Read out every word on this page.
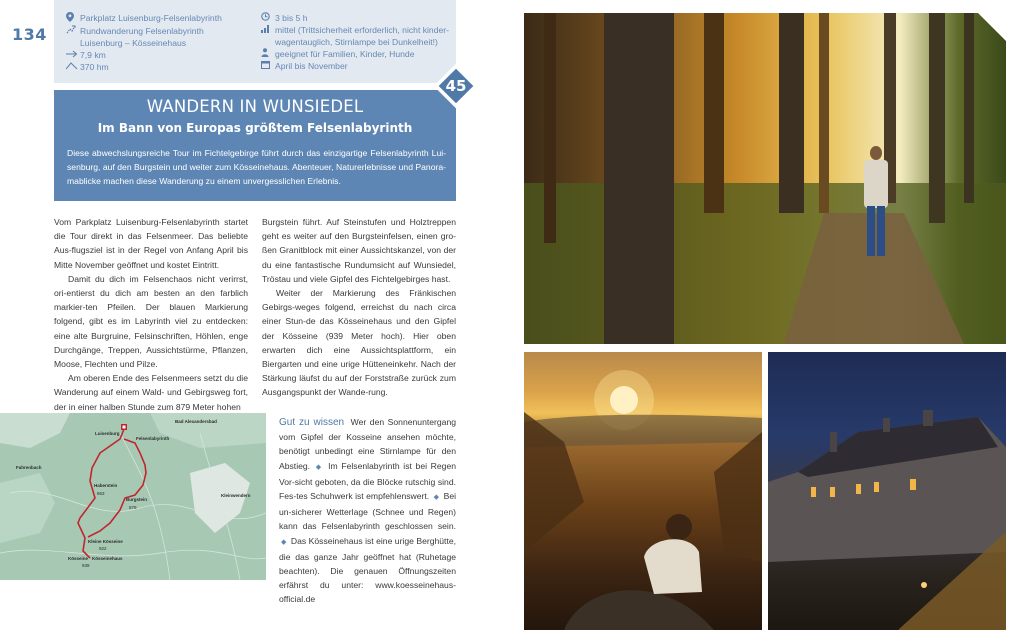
134
Parkplatz Luisenburg-Felsenlabyrinth
Rundwanderung Felsenlabyrinth Luisenburg – Kösseinehaus
7,9 km
370 hm
3 bis 5 h
mittel (Trittsicherheit erforderlich, nicht kinder-wagentauglich, Stirnlampe bei Dunkelheit!)
geeignet für Familien, Kinder, Hunde
April bis November
WANDERN IN WUNSIEDEL
Im Bann von Europas größtem Felsenlabyrinth
Diese abwechslungsreiche Tour im Fichtelgebirge führt durch das einzigartige Felsenlabyrinth Lui-senburg, auf den Burgstein und weiter zum Kösseinehaus. Abenteuer, Naturerlebnisse und Panora-mablicke machen diese Wanderung zu einem unvergesslichen Erlebnis.
45

Vom Parkplatz Luisenburg-Felsenlabyrinth startet die Tour direkt in das Felsenmeer. Das beliebte Aus-flugsziel ist in der Regel von Anfang April bis Mitte November geöffnet und kostet Eintritt.

Damit du dich im Felsenchaos nicht verirrst, ori-entierst du dich am besten an den farblich markier-ten Pfeilen. Der blauen Markierung folgend, gibt es im Labyrinth viel zu entdecken: eine alte Burgruine, Felsinschriften, Höhlen, enge Durchgänge, Treppen, Aussichtstürme, Pflanzen, Moose, Flechten und Pilze.

Am oberen Ende des Felsenmeers setzt du die Wanderung auf einem Wald- und Gebirgsweg fort, der in einer halben Stunde zum 879 Meter hohen

Burgstein führt. Auf Steinstufen und Holztreppen geht es weiter auf den Burgsteinfelsen, einen gro-ßen Granitblock mit einer Aussichtskanzel, von der du eine fantastische Rundumsicht auf Wunsiedel, Tröstau und viele Gipfel des Fichtelgebirges hast.

Weiter der Markierung des Fränkischen Gebirgs-weges folgend, erreichst du nach circa einer Stun-de das Kösseinehaus und den Gipfel der Kösseine (939 Meter hoch). Hier oben erwarten dich eine Aussichtsplattform, ein Biergarten und eine urige Hütteneinkehr. Nach der Stärkung läufst du auf der Forststraße zurück zum Ausgangspunkt der Wande-rung.

Luisenburg
Felsenlabyrinth
Bad Alexandersbad
Fahrenbach
Haberstein
863
Burgstein
879
Kleinwendern
Kleine Kösseine
922
Kösseine Kösseinehaus
939
Gut zu wissen Wer den Sonnenuntergang vom Gipfel der Kosseine ansehen möchte, benötigt unbedingt eine Stirnlampe für den Abstieg. ◆ Im Felsenlabyrinth ist bei Regen Vor-sicht geboten, da die Blöcke rutschig sind. Fes-tes Schuhwerk ist empfehlenswert. ◆ Bei un-sicherer Wetterlage (Schnee und Regen) kann das Felsenlabyrinth geschlossen sein. ◆ Das Kösseinehaus ist eine urige Berghütte, die das ganze Jahr geöffnet hat (Ruhetage beachten). Die genauen Öffnungszeiten erfährst du unter: www.koesseinehaus-official.de
